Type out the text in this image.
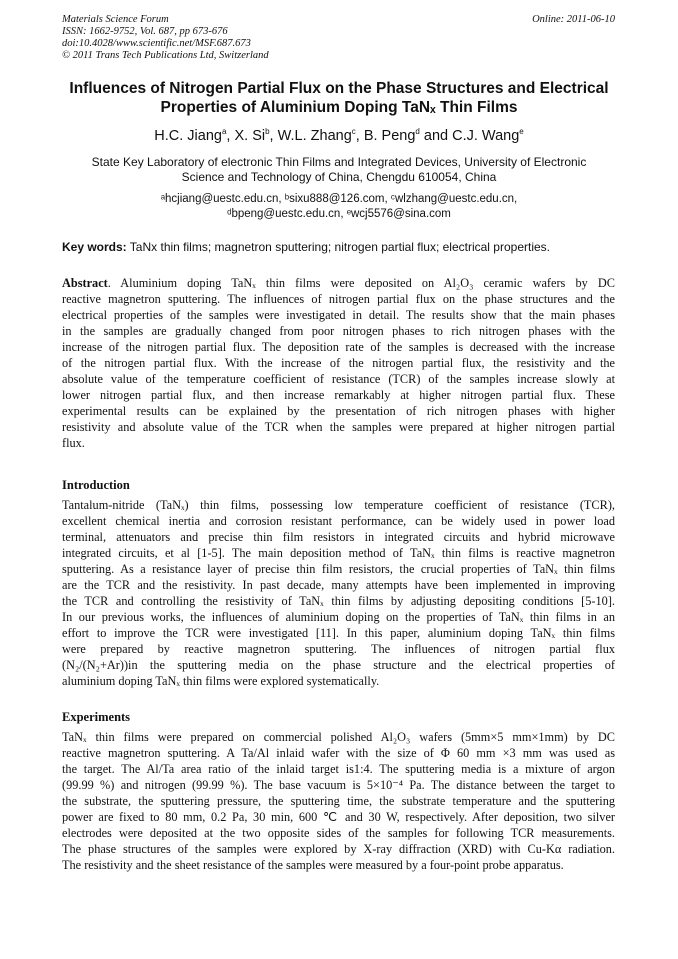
Materials Science Forum
ISSN: 1662-9752, Vol. 687, pp 673-676
doi:10.4028/www.scientific.net/MSF.687.673
© 2011 Trans Tech Publications Ltd, Switzerland
Online: 2011-06-10
Influences of Nitrogen Partial Flux on the Phase Structures and Electrical
Properties of Aluminium Doping TaNₓ Thin Films
H.C. Jiang$^a$, X. Si$^b$, W.L. Zhang$^c$, B. Peng$^d$ and C.J. Wang$^e$
State Key Laboratory of electronic Thin Films and Integrated Devices, University of Electronic
Science and Technology of China, Chengdu 610054, China
ᵃhcjiang@uestc.edu.cn, ᵇsixu888@126.com, ᶜwlzhang@uestc.edu.cn,
ᵈbpeng@uestc.edu.cn, ᵉwcj5576@sina.com
Key words: TaNx thin films; magnetron sputtering; nitrogen partial flux; electrical properties.
Abstract. Aluminium doping TaNₓ thin films were deposited on Al₂O₃ ceramic wafers by DC
reactive magnetron sputtering. The influences of nitrogen partial flux on the phase structures and the
electrical properties of the samples were investigated in detail. The results show that the main phases
in the samples are gradually changed from poor nitrogen phases to rich nitrogen phases with the
increase of the nitrogen partial flux. The deposition rate of the samples is decreased with the increase
of the nitrogen partial flux. With the increase of the nitrogen partial flux, the resistivity and the
absolute value of the temperature coefficient of resistance (TCR) of the samples increase slowly at
lower nitrogen partial flux, and then increase remarkably at higher nitrogen partial flux. These
experimental results can be explained by the presentation of rich nitrogen phases with higher
resistivity and absolute value of the TCR when the samples were prepared at higher nitrogen partial
flux.
Introduction
Tantalum-nitride (TaNₓ) thin films, possessing low temperature coefficient of resistance (TCR),
excellent chemical inertia and corrosion resistant performance, can be widely used in power load
terminal, attenuators and precise thin film resistors in integrated circuits and hybrid microwave
integrated circuits, et al [1-5]. The main deposition method of TaNₓ thin films is reactive magnetron
sputtering. As a resistance layer of precise thin film resistors, the crucial properties of TaNₓ thin films
are the TCR and the resistivity. In past decade, many attempts have been implemented in improving
the TCR and controlling the resistivity of TaNₓ thin films by adjusting depositing conditions [5-10].
In our previous works, the influences of aluminium doping on the properties of TaNₓ thin films in an
effort to improve the TCR were investigated [11]. In this paper, aluminium doping TaNₓ thin films
were prepared by reactive magnetron sputtering. The influences of nitrogen partial flux
(N₂/(N₂+Ar))in the sputtering media on the phase structure and the electrical properties of
aluminium doping TaNₓ thin films were explored systematically.
Experiments
TaNₓ thin films were prepared on commercial polished Al₂O₃ wafers (5mm×5 mm×1mm) by DC
reactive magnetron sputtering. A Ta/Al inlaid wafer with the size of Φ 60 mm ×3 mm was used as
the target. The Al/Ta area ratio of the inlaid target is1:4. The sputtering media is a mixture of argon
(99.99 %) and nitrogen (99.99 %). The base vacuum is 5×10⁻⁴ Pa. The distance between the target to
the substrate, the sputtering pressure, the sputtering time, the substrate temperature and the sputtering
power are fixed to 80 mm, 0.2 Pa, 30 min, 600 ℃ and 30 W, respectively. After deposition, two silver
electrodes were deposited at the two opposite sides of the samples for following TCR measurements.
The phase structures of the samples were explored by X-ray diffraction (XRD) with Cu-Kα radiation.
The resistivity and the sheet resistance of the samples were measured by a four-point probe apparatus.
